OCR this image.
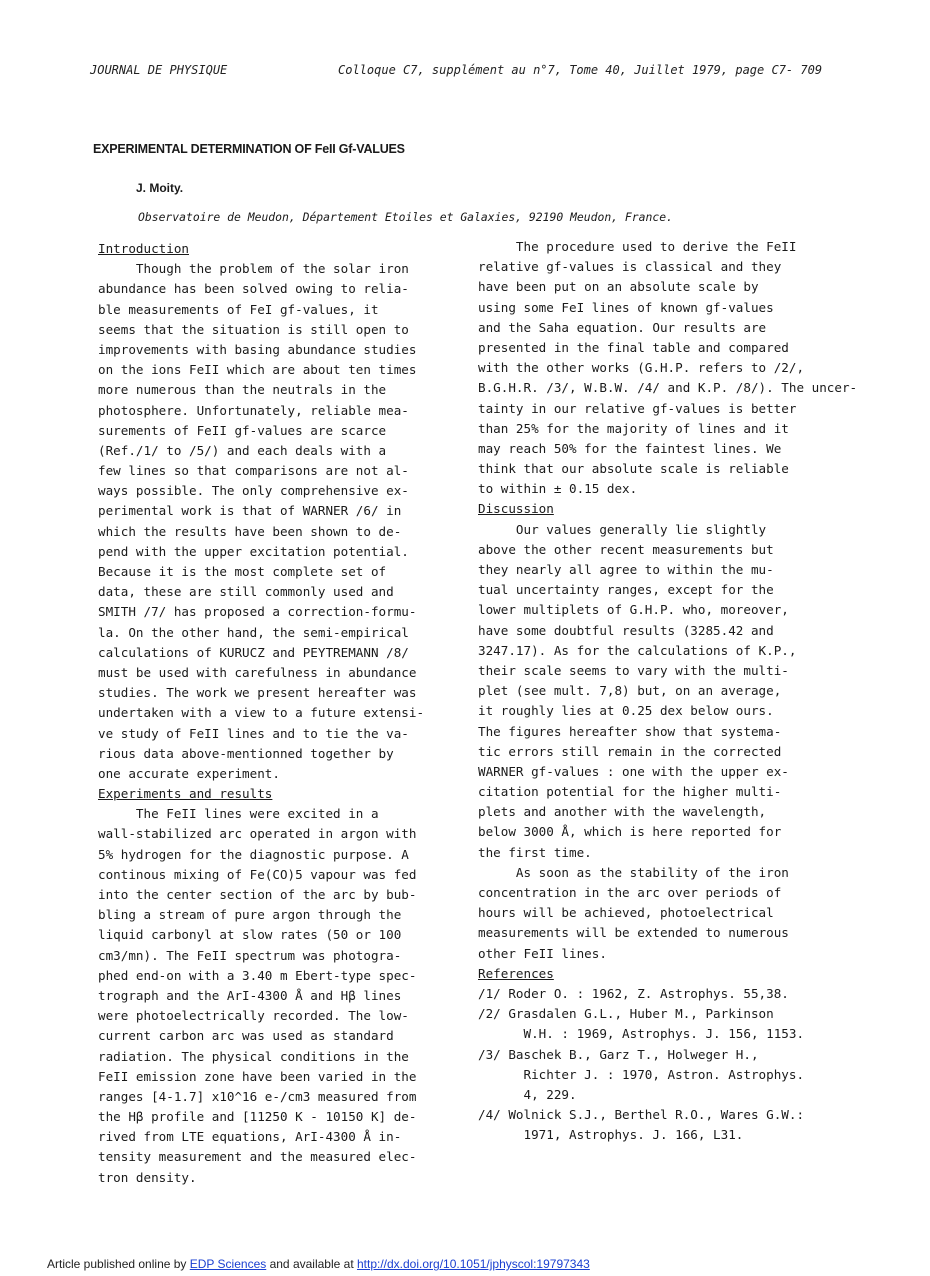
JOURNAL DE PHYSIQUE	Colloque C7, supplément au n°7, Tome 40, Juillet 1979, page C7- 709
EXPERIMENTAL DETERMINATION OF FeII Gf-VALUES
J. Moity.
Observatoire de Meudon, Département Etoiles et Galaxies, 92190 Meudon, France.
Introduction
Though the problem of the solar iron
abundance has been solved owing to relia-
ble measurements of FeI gf-values, it
seems that the situation is still open to
improvements with basing abundance studies
on the ions FeII which are about ten times
more numerous than the neutrals in the
photosphere. Unfortunately, reliable mea-
surements of FeII gf-values are scarce
(Ref./1/ to /5/) and each deals with a
few lines so that comparisons are not al-
ways possible. The only comprehensive ex-
perimental work is that of WARNER /6/ in
which the results have been shown to de-
pend with the upper excitation potential.
Because it is the most complete set of
data, these are still commonly used and
SMITH /7/ has proposed a correction-formu-
la. On the other hand, the semi-empirical
calculations of KURUCZ and PEYTREMANN /8/
must be used with carefulness in abundance
studies. The work we present hereafter was
undertaken with a view to a future extensi-
ve study of FeII lines and to tie the va-
rious data above-mentionned together by
one accurate experiment.
Experiments and results
The FeII lines were excited in a
wall-stabilized arc operated in argon with
5% hydrogen for the diagnostic purpose. A
continous mixing of Fe(CO)5 vapour was fed
into the center section of the arc by bub-
bling a stream of pure argon through the
liquid carbonyl at slow rates (50 or 100
cm3/mn). The FeII spectrum was photogra-
phed end-on with a 3.40 m Ebert-type spec-
trograph and the ArI-4300 Å and Hβ lines
were photoelectrically recorded. The low-
current carbon arc was used as standard
radiation. The physical conditions in the
FeII emission zone have been varied in the
ranges [4-1.7] x10^16 e-/cm3 measured from
the Hβ profile and [11250 K - 10150 K] de-
rived from LTE equations, ArI-4300 Å in-
tensity measurement and the measured elec-
tron density.
The procedure used to derive the FeII
relative gf-values is classical and they
have been put on an absolute scale by
using some FeI lines of known gf-values
and the Saha equation. Our results are
presented in the final table and compared
with the other works (G.H.P. refers to /2/,
B.G.H.R. /3/, W.B.W. /4/ and K.P. /8/). The uncer-
tainty in our relative gf-values is better
than 25% for the majority of lines and it
may reach 50% for the faintest lines. We
think that our absolute scale is reliable
to within ± 0.15 dex.
Discussion
Our values generally lie slightly
above the other recent measurements but
they nearly all agree to within the mu-
tual uncertainty ranges, except for the
lower multiplets of G.H.P. who, moreover,
have some doubtful results (3285.42 and
3247.17). As for the calculations of K.P.,
their scale seems to vary with the multi-
plet (see mult. 7,8) but, on an average,
it roughly lies at 0.25 dex below ours.
The figures hereafter show that systema-
tic errors still remain in the corrected
WARNER gf-values : one with the upper ex-
citation potential for the higher multi-
plets and another with the wavelength,
below 3000 Å, which is here reported for
the first time.
As soon as the stability of the iron
concentration in the arc over periods of
hours will be achieved, photoelectrical
measurements will be extended to numerous
other FeII lines.
References
/1/ Roder O. : 1962, Z. Astrophys. 55,38.
/2/ Grasdalen G.L., Huber M., Parkinson
W.H. : 1969, Astrophys. J. 156, 1153.
/3/ Baschek B., Garz T., Holweger H.,
Richter J. : 1970, Astron. Astrophys.
4, 229.
/4/ Wolnick S.J., Berthel R.O., Wares G.W.:
1971, Astrophys. J. 166, L31.
Article published online by EDP Sciences and available at http://dx.doi.org/10.1051/jphyscol:19797343
